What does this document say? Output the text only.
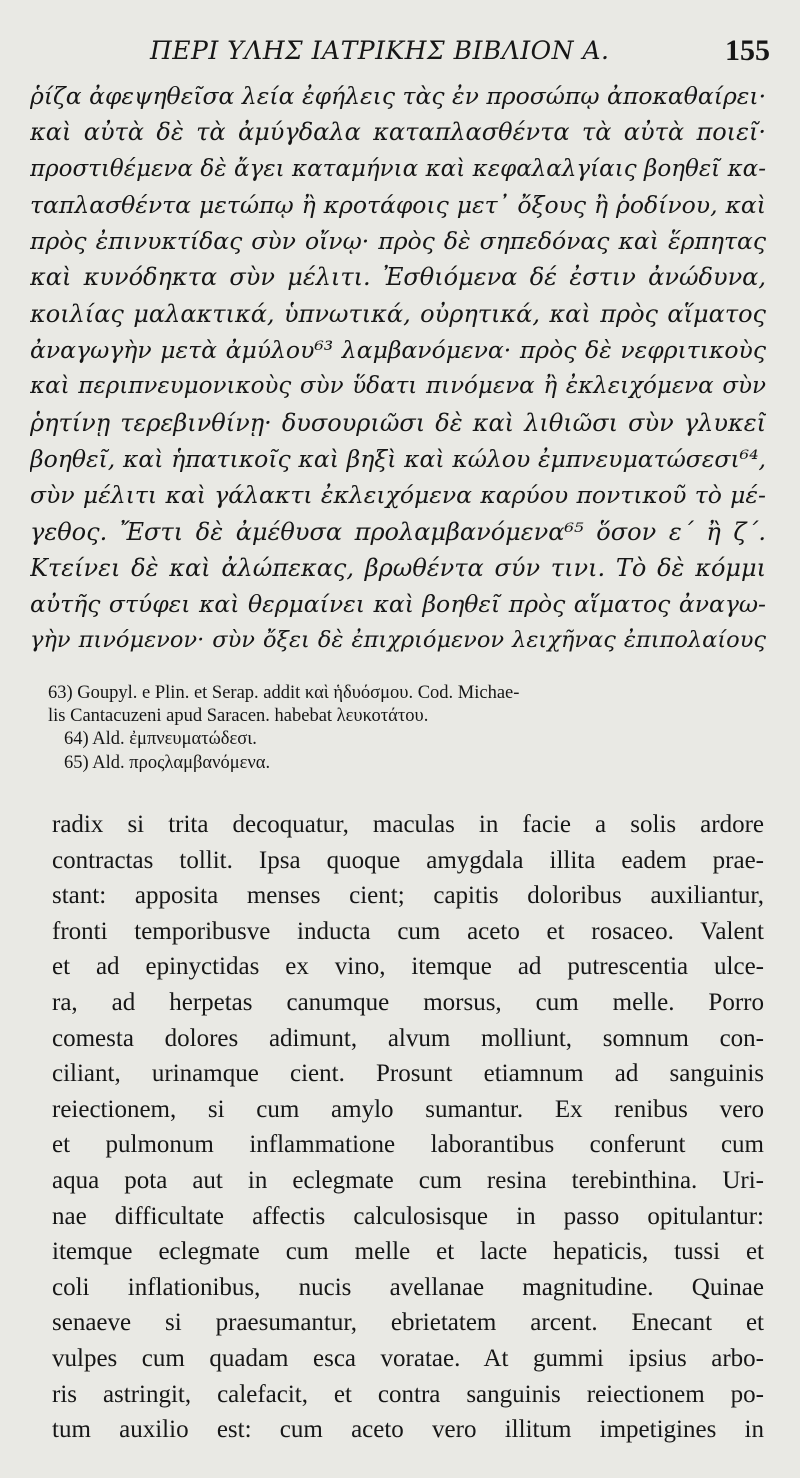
ΠΕΡΙ ΥΛΗΣ ΙΑΤΡΙΚΗΣ ΒΙΒΛΙΟΝ Α.	155
ῥίζα ἀφεψηθεῖσα λεία ἐφήλεις τὰς ἐν προσώπῳ ἀποκαθαίρει·
καὶ αὐτὰ δὲ τὰ ἀμύγδαλα καταπλασθέντα τὰ αὐτὰ ποιεῖ·
προστιθέμενα δὲ ἄγει καταμήνια καὶ κεφαλαλγίαις βοηθεῖ κα-
ταπλασθέντα μετώπῳ ἢ κροτάφοις μετ᾽ ὄξους ἢ ῥοδίνου, καὶ
πρὸς ἐπινυκτίδας σὺν οἴνῳ· πρὸς δὲ σηπεδόνας καὶ ἕρπητας
καὶ κυνόδηκτα σὺν μέλιτι. Ἐσθιόμενα δέ ἐστιν ἀνώδυνα,
κοιλίας μαλακτικά, ὑπνωτικά, οὐρητικά, καὶ πρὸς αἵματος
ἀναγωγὴν μετὰ ἀμύλου⁶³ λαμβανόμενα· πρὸς δὲ νεφριτικοὺς
καὶ περιπνευμονικοὺς σὺν ὕδατι πινόμενα ἢ ἐκλειχόμενα σὺν
ῥητίνῃ τερεβινθίνῃ· δυσουριῶσι δὲ καὶ λιθιῶσι σὺν γλυκεῖ
βοηθεῖ, καὶ ἡπατικοῖς καὶ βηξὶ καὶ κώλου ἐμπνευματώσεσι⁶⁴,
σὺν μέλιτι καὶ γάλακτι ἐκλειχόμενα καρύου ποντικοῦ τὸ μέ-
γεθος. Ἔστι δὲ ἀμέθυσα προλαμβανόμενα⁶⁵ ὅσον ε΄ ἢ ζ΄.
Κτείνει δὲ καὶ ἀλώπεκας, βρωθέντα σύν τινι. Τὸ δὲ κόμμι
αὐτῆς στύφει καὶ θερμαίνει καὶ βοηθεῖ πρὸς αἵματος ἀναγω-
γὴν πινόμενον· σὺν ὄξει δὲ ἐπιχριόμενον λειχῆνας ἐπιπολαίους
63) Goupyl. e Plin. et Serap. addit καὶ ἡδυόσμου. Cod. Michae-
lis Cantacuzeni apud Saracen. habebat λευκοτάτου.
64) Ald. ἐμπνευματώδεσι.
65) Ald. προςλαμβανόμενα.
radix si trita decoquatur, maculas in facie a solis ardore
contractas tollit. Ipsa quoque amygdala illita eadem prae-
stant: apposita menses cient; capitis doloribus auxiliantur,
fronti temporibusve inducta cum aceto et rosaceo. Valent
et ad epinyctidas ex vino, itemque ad putrescentia ulce-
ra, ad herpetas canumque morsus, cum melle. Porro
comesta dolores adimunt, alvum molliunt, somnum con-
ciliant, urinamque cient. Prosunt etiamnum ad sanguinis
reiectionem, si cum amylo sumantur. Ex renibus vero
et pulmonum inflammatione laborantibus conferunt cum
aqua pota aut in eclegmate cum resina terebinthina. Uri-
nae difficultate affectis calculosisque in passo opitulantur:
itemque eclegmate cum melle et lacte hepaticis, tussi et
coli inflationibus, nucis avellanae magnitudine. Quinae
senaeve si praesumantur, ebrietatem arcent. Enecant et
vulpes cum quadam esca voratae. At gummi ipsius arbo-
ris astringit, calefacit, et contra sanguinis reiectionem po-
tum auxilio est: cum aceto vero illitum impetigines in
